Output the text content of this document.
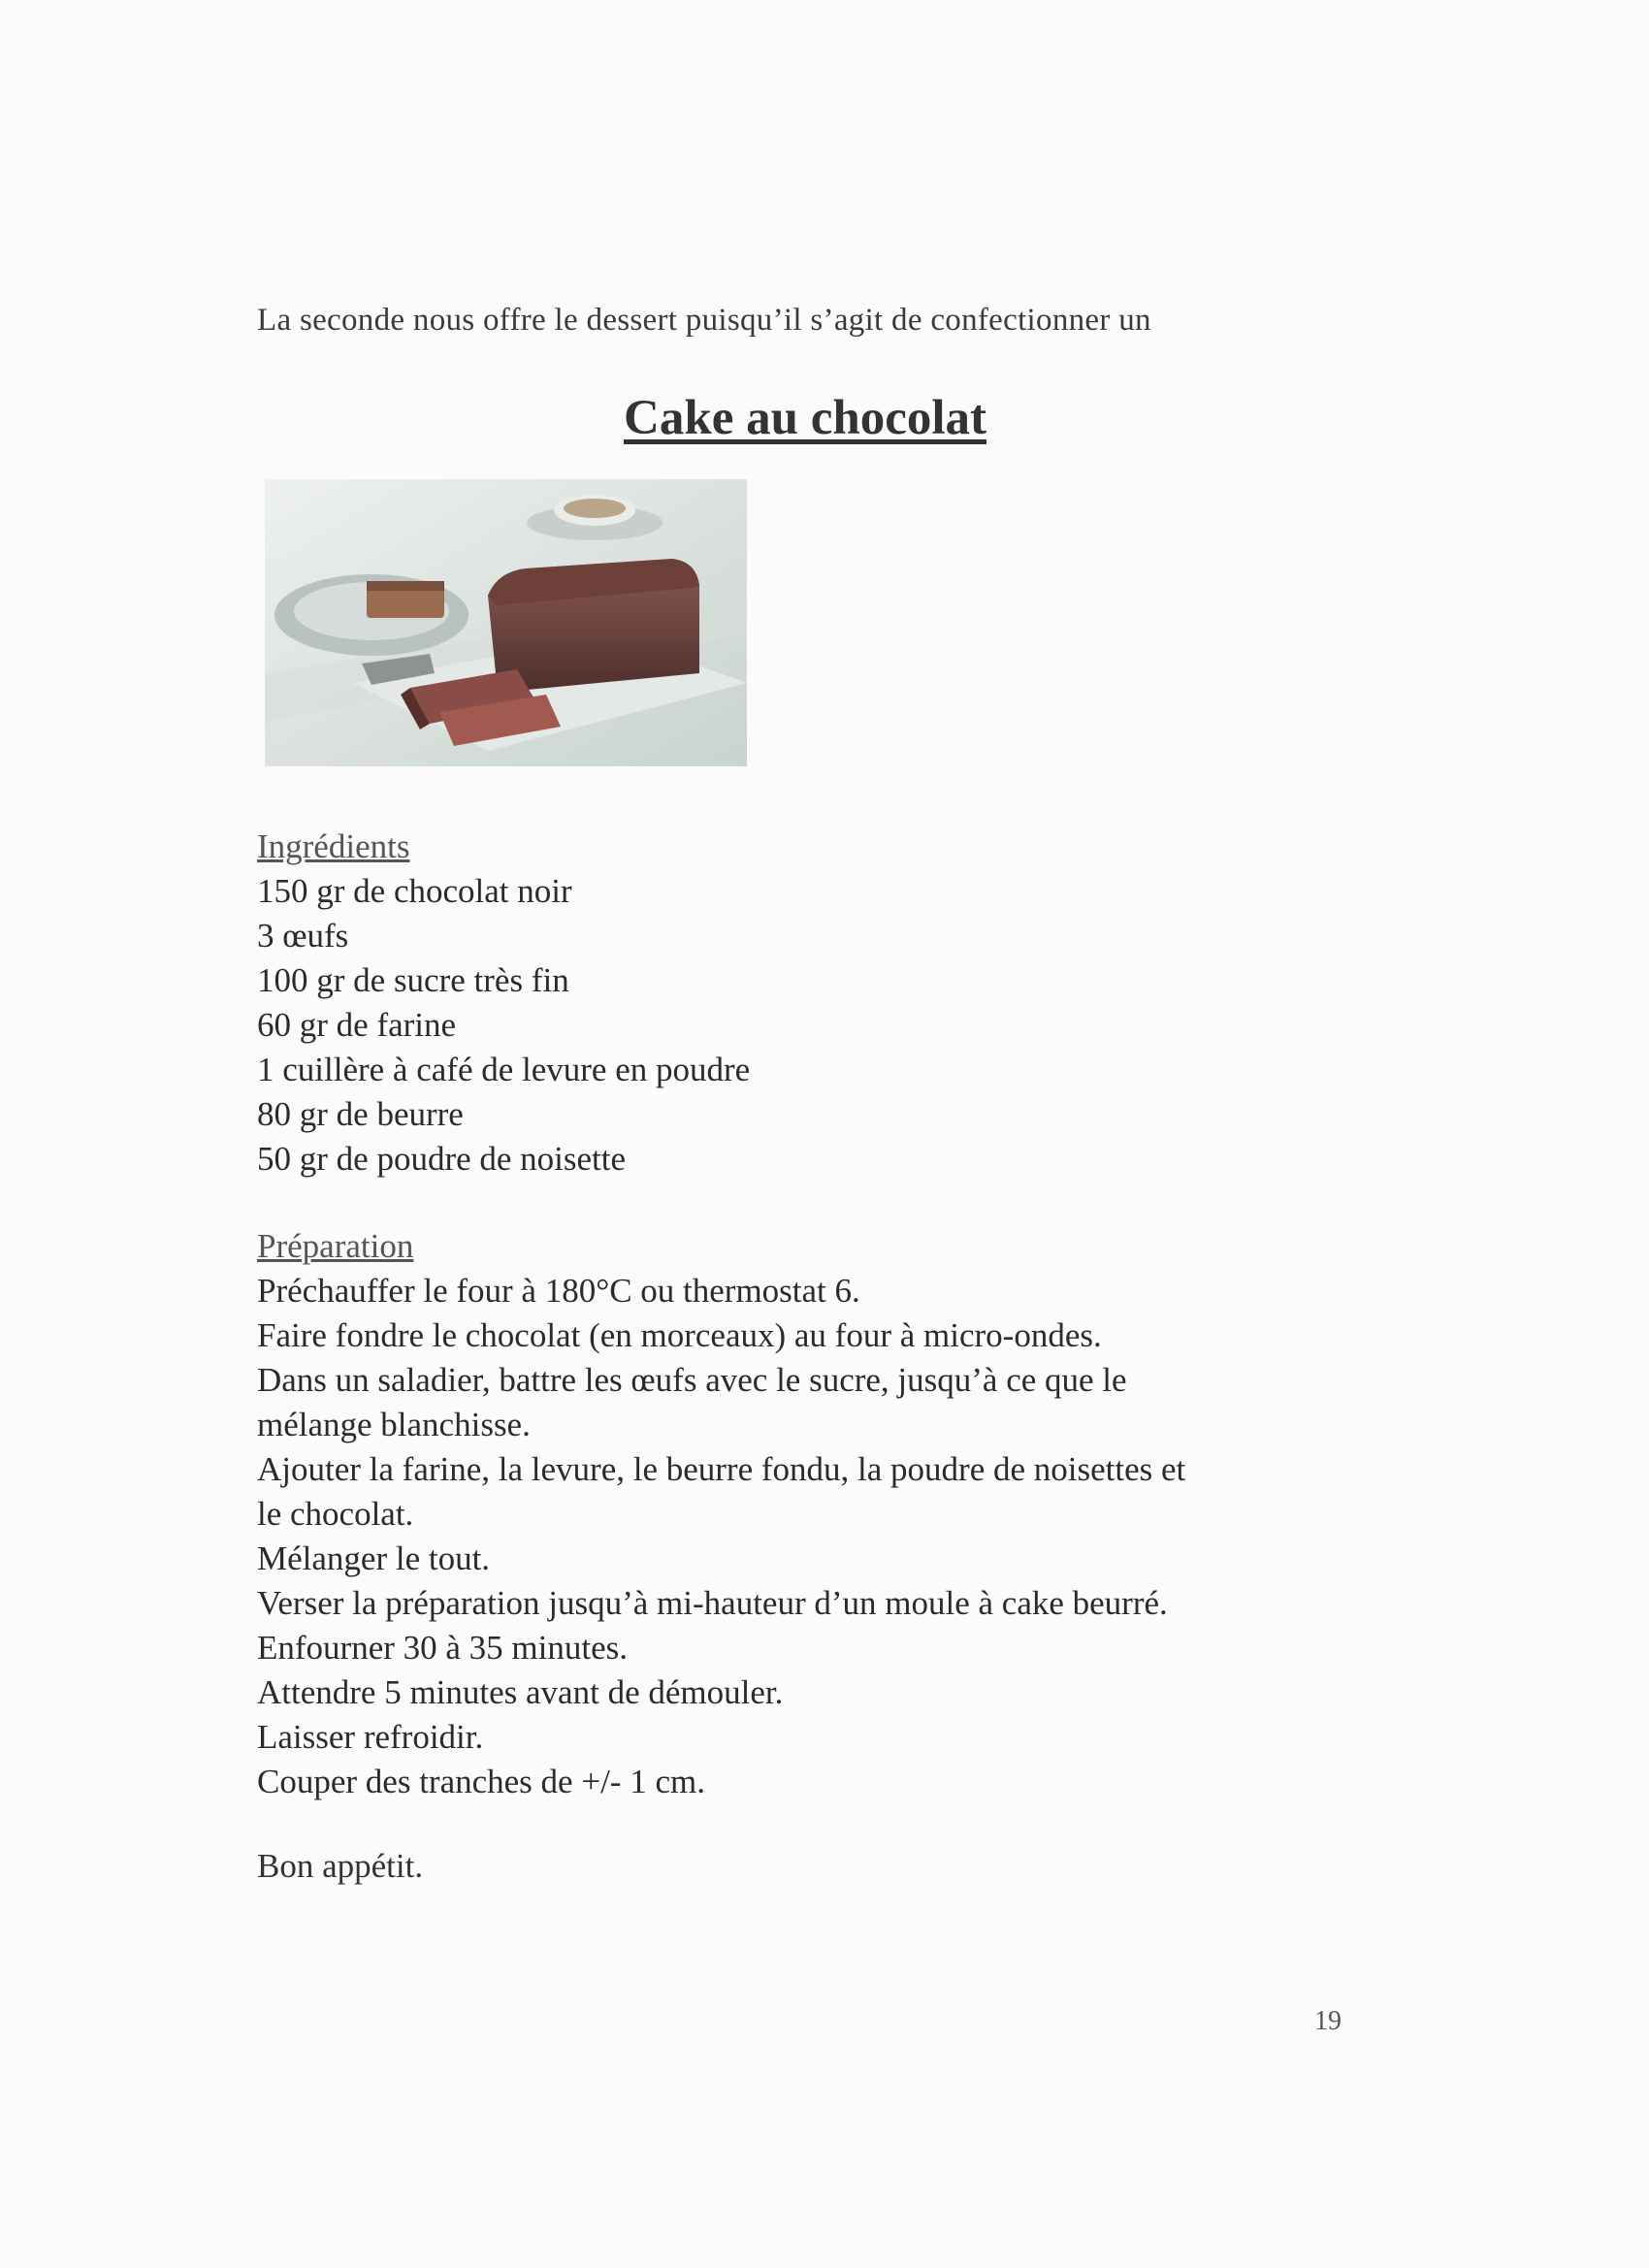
La seconde nous offre le dessert puisqu’il s’agit de confectionner un
Cake au chocolat
Ingrédients
150 gr de chocolat noir
3 œufs
100 gr de sucre très fin
60 gr de farine
1 cuillère à café de levure en poudre
80 gr de beurre
50 gr de poudre de noisette
Préparation
Préchauffer le four à 180°C ou thermostat 6.
Faire fondre le chocolat (en morceaux) au four à micro-ondes.
Dans un saladier, battre les œufs avec le sucre, jusqu’à ce que le
mélange blanchisse.
Ajouter la farine, la levure, le beurre fondu, la poudre de noisettes et
le chocolat.
Mélanger le tout.
Verser la préparation jusqu’à mi-hauteur d’un moule à cake beurré.
Enfourner 30 à 35 minutes.
Attendre 5 minutes avant de démouler.
Laisser refroidir.
Couper des tranches de +/- 1 cm.
Bon appétit.
19
